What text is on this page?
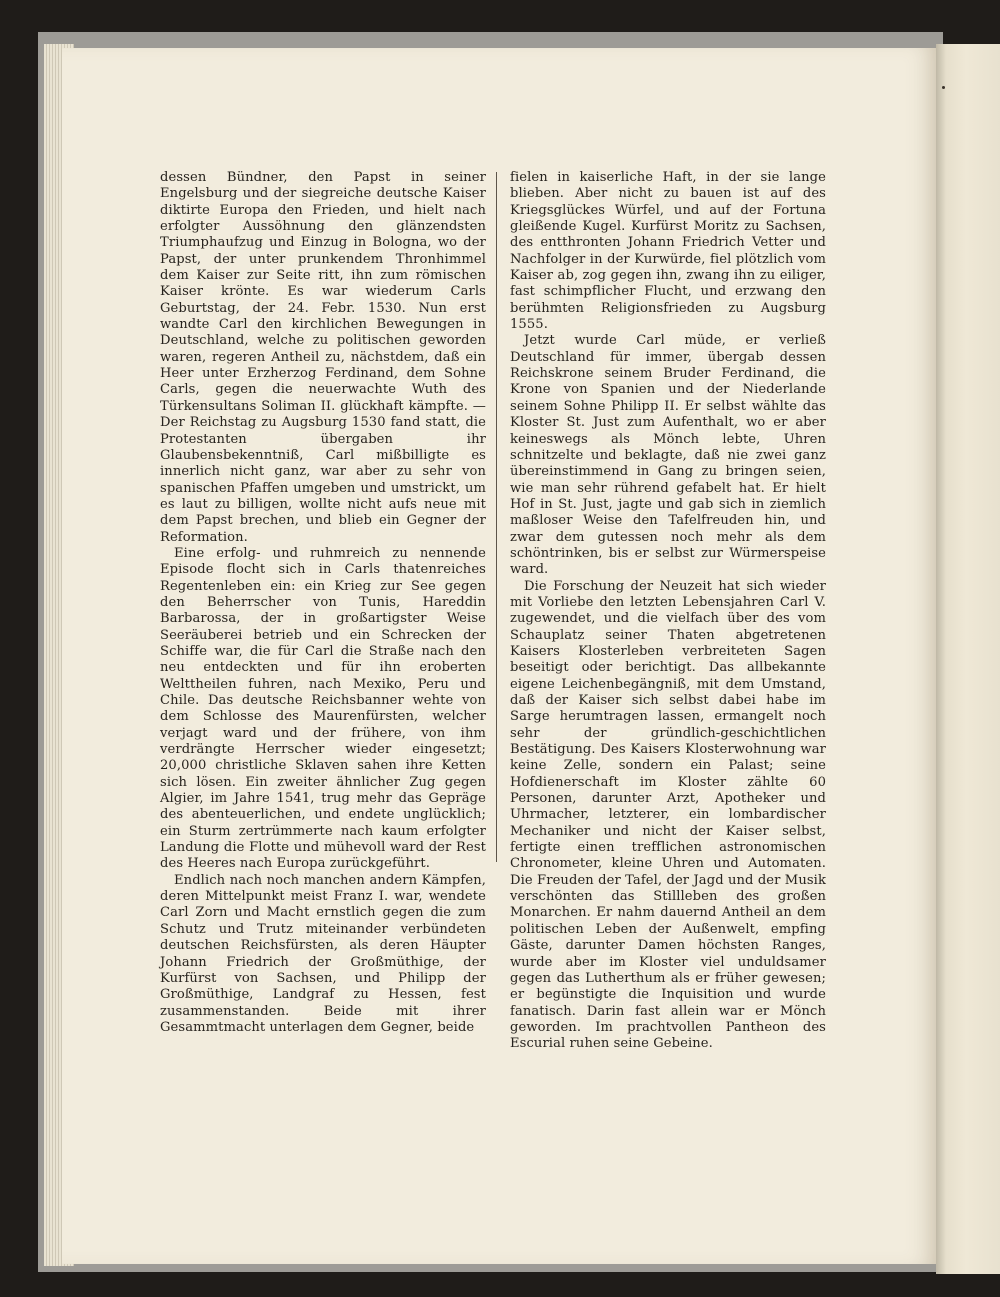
dessen Bündner, den Papst in seiner Engelsburg und der siegreiche deutsche Kaiser diktirte Europa den Frieden, und hielt nach erfolgter Aussöhnung den glänzendsten Triumphaufzug und Einzug in Bologna, wo der Papst, der unter prunkendem Thronhimmel dem Kaiser zur Seite ritt, ihn zum römischen Kaiser krönte. Es war wiederum Carls Geburtstag, der 24. Febr. 1530. Nun erst wandte Carl den kirchlichen Bewegungen in Deutschland, welche zu politischen geworden waren, regeren Antheil zu, nächstdem, daß ein Heer unter Erzherzog Ferdinand, dem Sohne Carls, gegen die neuerwachte Wuth des Türkensultans Soliman II. glückhaft kämpfte. — Der Reichstag zu Augsburg 1530 fand statt, die Protestanten übergaben ihr Glaubensbekenntniß, Carl mißbilligte es innerlich nicht ganz, war aber zu sehr von spanischen Pfaffen umgeben und umstrickt, um es laut zu billigen, wollte nicht aufs neue mit dem Papst brechen, und blieb ein Gegner der Reformation.

Eine erfolg- und ruhmreich zu nennende Episode flocht sich in Carls thatenreiches Regentenleben ein: ein Krieg zur See gegen den Beherrscher von Tunis, Hareddin Barbarossa, der in großartigster Weise Seeräuberei betrieb und ein Schrecken der Schiffe war, die für Carl die Straße nach den neu entdeckten und für ihn eroberten Welttheilen fuhren, nach Mexiko, Peru und Chile. Das deutsche Reichsbanner wehte von dem Schlosse des Maurenfürsten, welcher verjagt ward und der frühere, von ihm verdrängte Herrscher wieder eingesetzt; 20,000 christliche Sklaven sahen ihre Ketten sich lösen. Ein zweiter ähnlicher Zug gegen Algier, im Jahre 1541, trug mehr das Gepräge des abenteuerlichen, und endete unglücklich; ein Sturm zertrümmerte nach kaum erfolgter Landung die Flotte und mühevoll ward der Rest des Heeres nach Europa zurückgeführt.

Endlich nach noch manchen andern Kämpfen, deren Mittelpunkt meist Franz I. war, wendete Carl Zorn und Macht ernstlich gegen die zum Schutz und Trutz miteinander verbündeten deutschen Reichsfürsten, als deren Häupter Johann Friedrich der Großmüthige, der Kurfürst von Sachsen, und Philipp der Großmüthige, Landgraf zu Hessen, fest zusammenstanden. Beide mit ihrer Gesammtmacht unterlagen dem Gegner, beide

fielen in kaiserliche Haft, in der sie lange blieben. Aber nicht zu bauen ist auf des Kriegsglückes Würfel, und auf der Fortuna gleißende Kugel. Kurfürst Moritz zu Sachsen, des entthronten Johann Friedrich Vetter und Nachfolger in der Kurwürde, fiel plötzlich vom Kaiser ab, zog gegen ihn, zwang ihn zu eiliger, fast schimpflicher Flucht, und erzwang den berühmten Religionsfrieden zu Augsburg 1555.

Jetzt wurde Carl müde, er verließ Deutschland für immer, übergab dessen Reichskrone seinem Bruder Ferdinand, die Krone von Spanien und der Niederlande seinem Sohne Philipp II. Er selbst wählte das Kloster St. Just zum Aufenthalt, wo er aber keineswegs als Mönch lebte, Uhren schnitzelte und beklagte, daß nie zwei ganz übereinstimmend in Gang zu bringen seien, wie man sehr rührend gefabelt hat. Er hielt Hof in St. Just, jagte und gab sich in ziemlich maßloser Weise den Tafelfreuden hin, und zwar dem gutessen noch mehr als dem schöntrinken, bis er selbst zur Würmerspeise ward.

Die Forschung der Neuzeit hat sich wieder mit Vorliebe den letzten Lebensjahren Carl V. zugewendet, und die vielfach über des vom Schauplatz seiner Thaten abgetretenen Kaisers Klosterleben verbreiteten Sagen beseitigt oder berichtigt. Das allbekannte eigene Leichenbegängniß, mit dem Umstand, daß der Kaiser sich selbst dabei habe im Sarge herumtragen lassen, ermangelt noch sehr der gründlich-geschichtlichen Bestätigung. Des Kaisers Klosterwohnung war keine Zelle, sondern ein Palast; seine Hofdienerschaft im Kloster zählte 60 Personen, darunter Arzt, Apotheker und Uhrmacher, letzterer, ein lombardischer Mechaniker und nicht der Kaiser selbst, fertigte einen trefflichen astronomischen Chronometer, kleine Uhren und Automaten. Die Freuden der Tafel, der Jagd und der Musik verschönten das Stillleben des großen Monarchen. Er nahm dauernd Antheil an dem politischen Leben der Außenwelt, empfing Gäste, darunter Damen höchsten Ranges, wurde aber im Kloster viel unduldsamer gegen das Lutherthum als er früher gewesen; er begünstigte die Inquisition und wurde fanatisch. Darin fast allein war er Mönch geworden. Im prachtvollen Pantheon des Escurial ruhen seine Gebeine.
